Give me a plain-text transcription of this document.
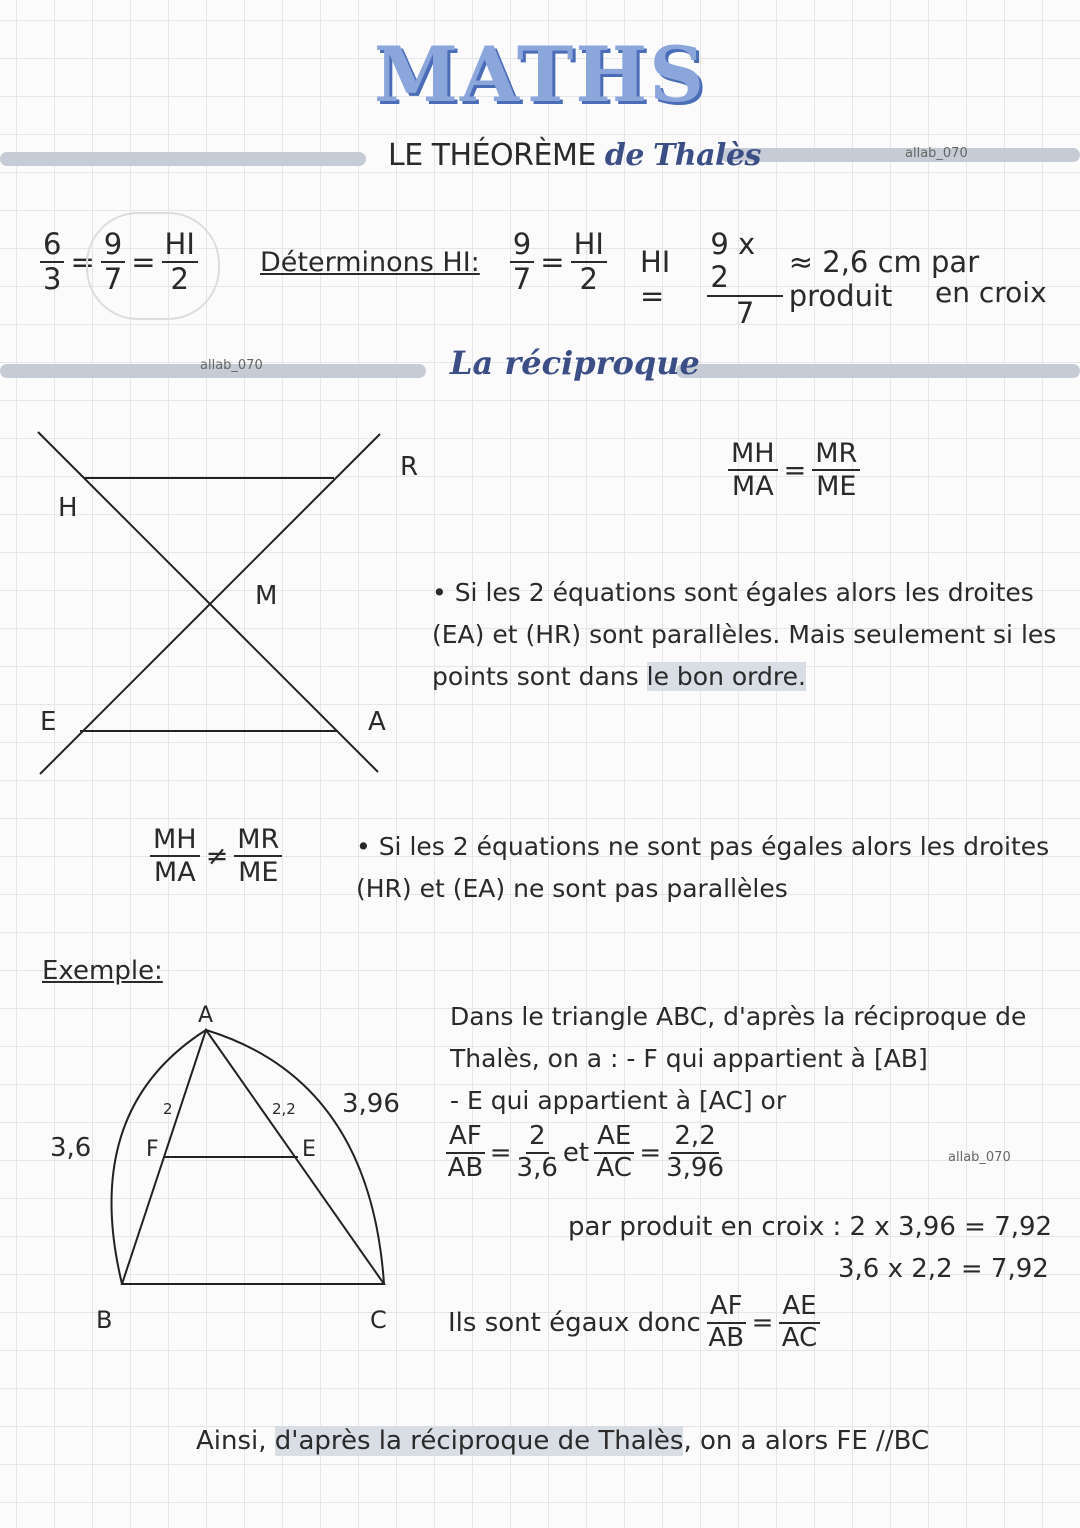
MATHS
allab_070
LE THÉORÈME de Thalès
$\frac{6}{3} = \frac{9}{7} = \frac{HI}{2}$ Déterminons HI: $\frac{9}{7} = \frac{HI}{2}$ HI =	$\frac{9 x 2}{7} \approx 2,6$ cm par produit	en croix
allab_070	La réciproque
H
R
M
E	A
A
B	C
F	E
2	2,2
3,6
3,96
$\frac{MH}{MA} = \frac{MR}{ME}$
• Si les 2 équations sont égales alors les droites
(EA) et (HR) sont parallèles. Mais seulement si les
points sont dans le bon ordre.
$\frac{MH}{MA} \ne \frac{MR}{ME}$	• Si les 2 équations ne sont pas égales alors les droites
(HR) et (EA) ne sont pas parallèles
Exemple:
Dans le triangle ABC, d'après la réciproque de
Thalès, on a : - F qui appartient à [AB]
- E qui appartient à [AC] or
$\frac{AF}{AB} = \frac{2}{3,6}$ et $\frac{AE}{AC} = \frac{2,2}{3,96}$	allab_070
par produit en croix : 2 x 3,96 = 7,92
3,6 x 2,2 = 7,92
Ils sont égaux donc $\frac{AF}{AB} = \frac{AE}{AC}$
Ainsi, d'après la réciproque de Thalès, on a alors FE //BC
